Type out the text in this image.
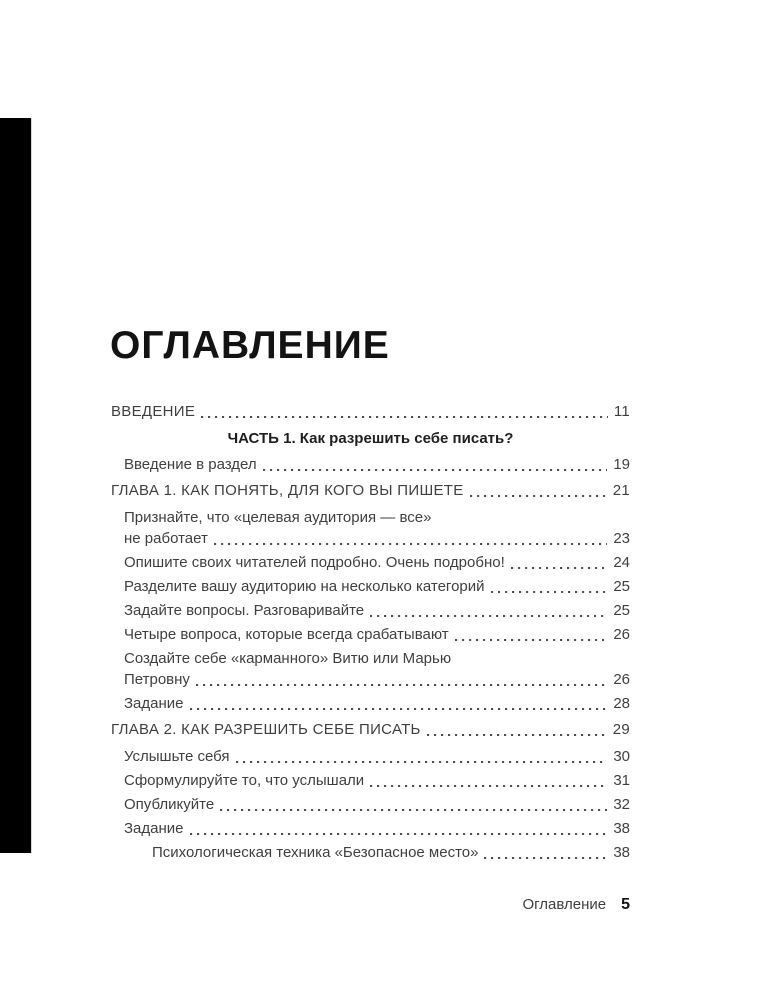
ОГЛАВЛЕНИЕ
ВВЕДЕНИЕ	11
ЧАСТЬ 1. Как разрешить себе писать?
Введение в раздел	19
ГЛАВА 1. КАК ПОНЯТЬ, ДЛЯ КОГО ВЫ ПИШЕТЕ	21
Признайте, что «целевая аудитория — все»
не работает	23
Опишите своих читателей подробно. Очень подробно!	24
Разделите вашу аудиторию на несколько категорий	25
Задайте вопросы. Разговаривайте	25
Четыре вопроса, которые всегда срабатывают	26
Создайте себе «карманного» Витю или Марью
Петровну	26
Задание	28
ГЛАВА 2. КАК РАЗРЕШИТЬ СЕБЕ ПИСАТЬ	29
Услышьте себя	30
Сформулируйте то, что услышали	31
Опубликуйте	32
Задание	38
Психологическая техника «Безопасное место»	38
Оглавление 5
